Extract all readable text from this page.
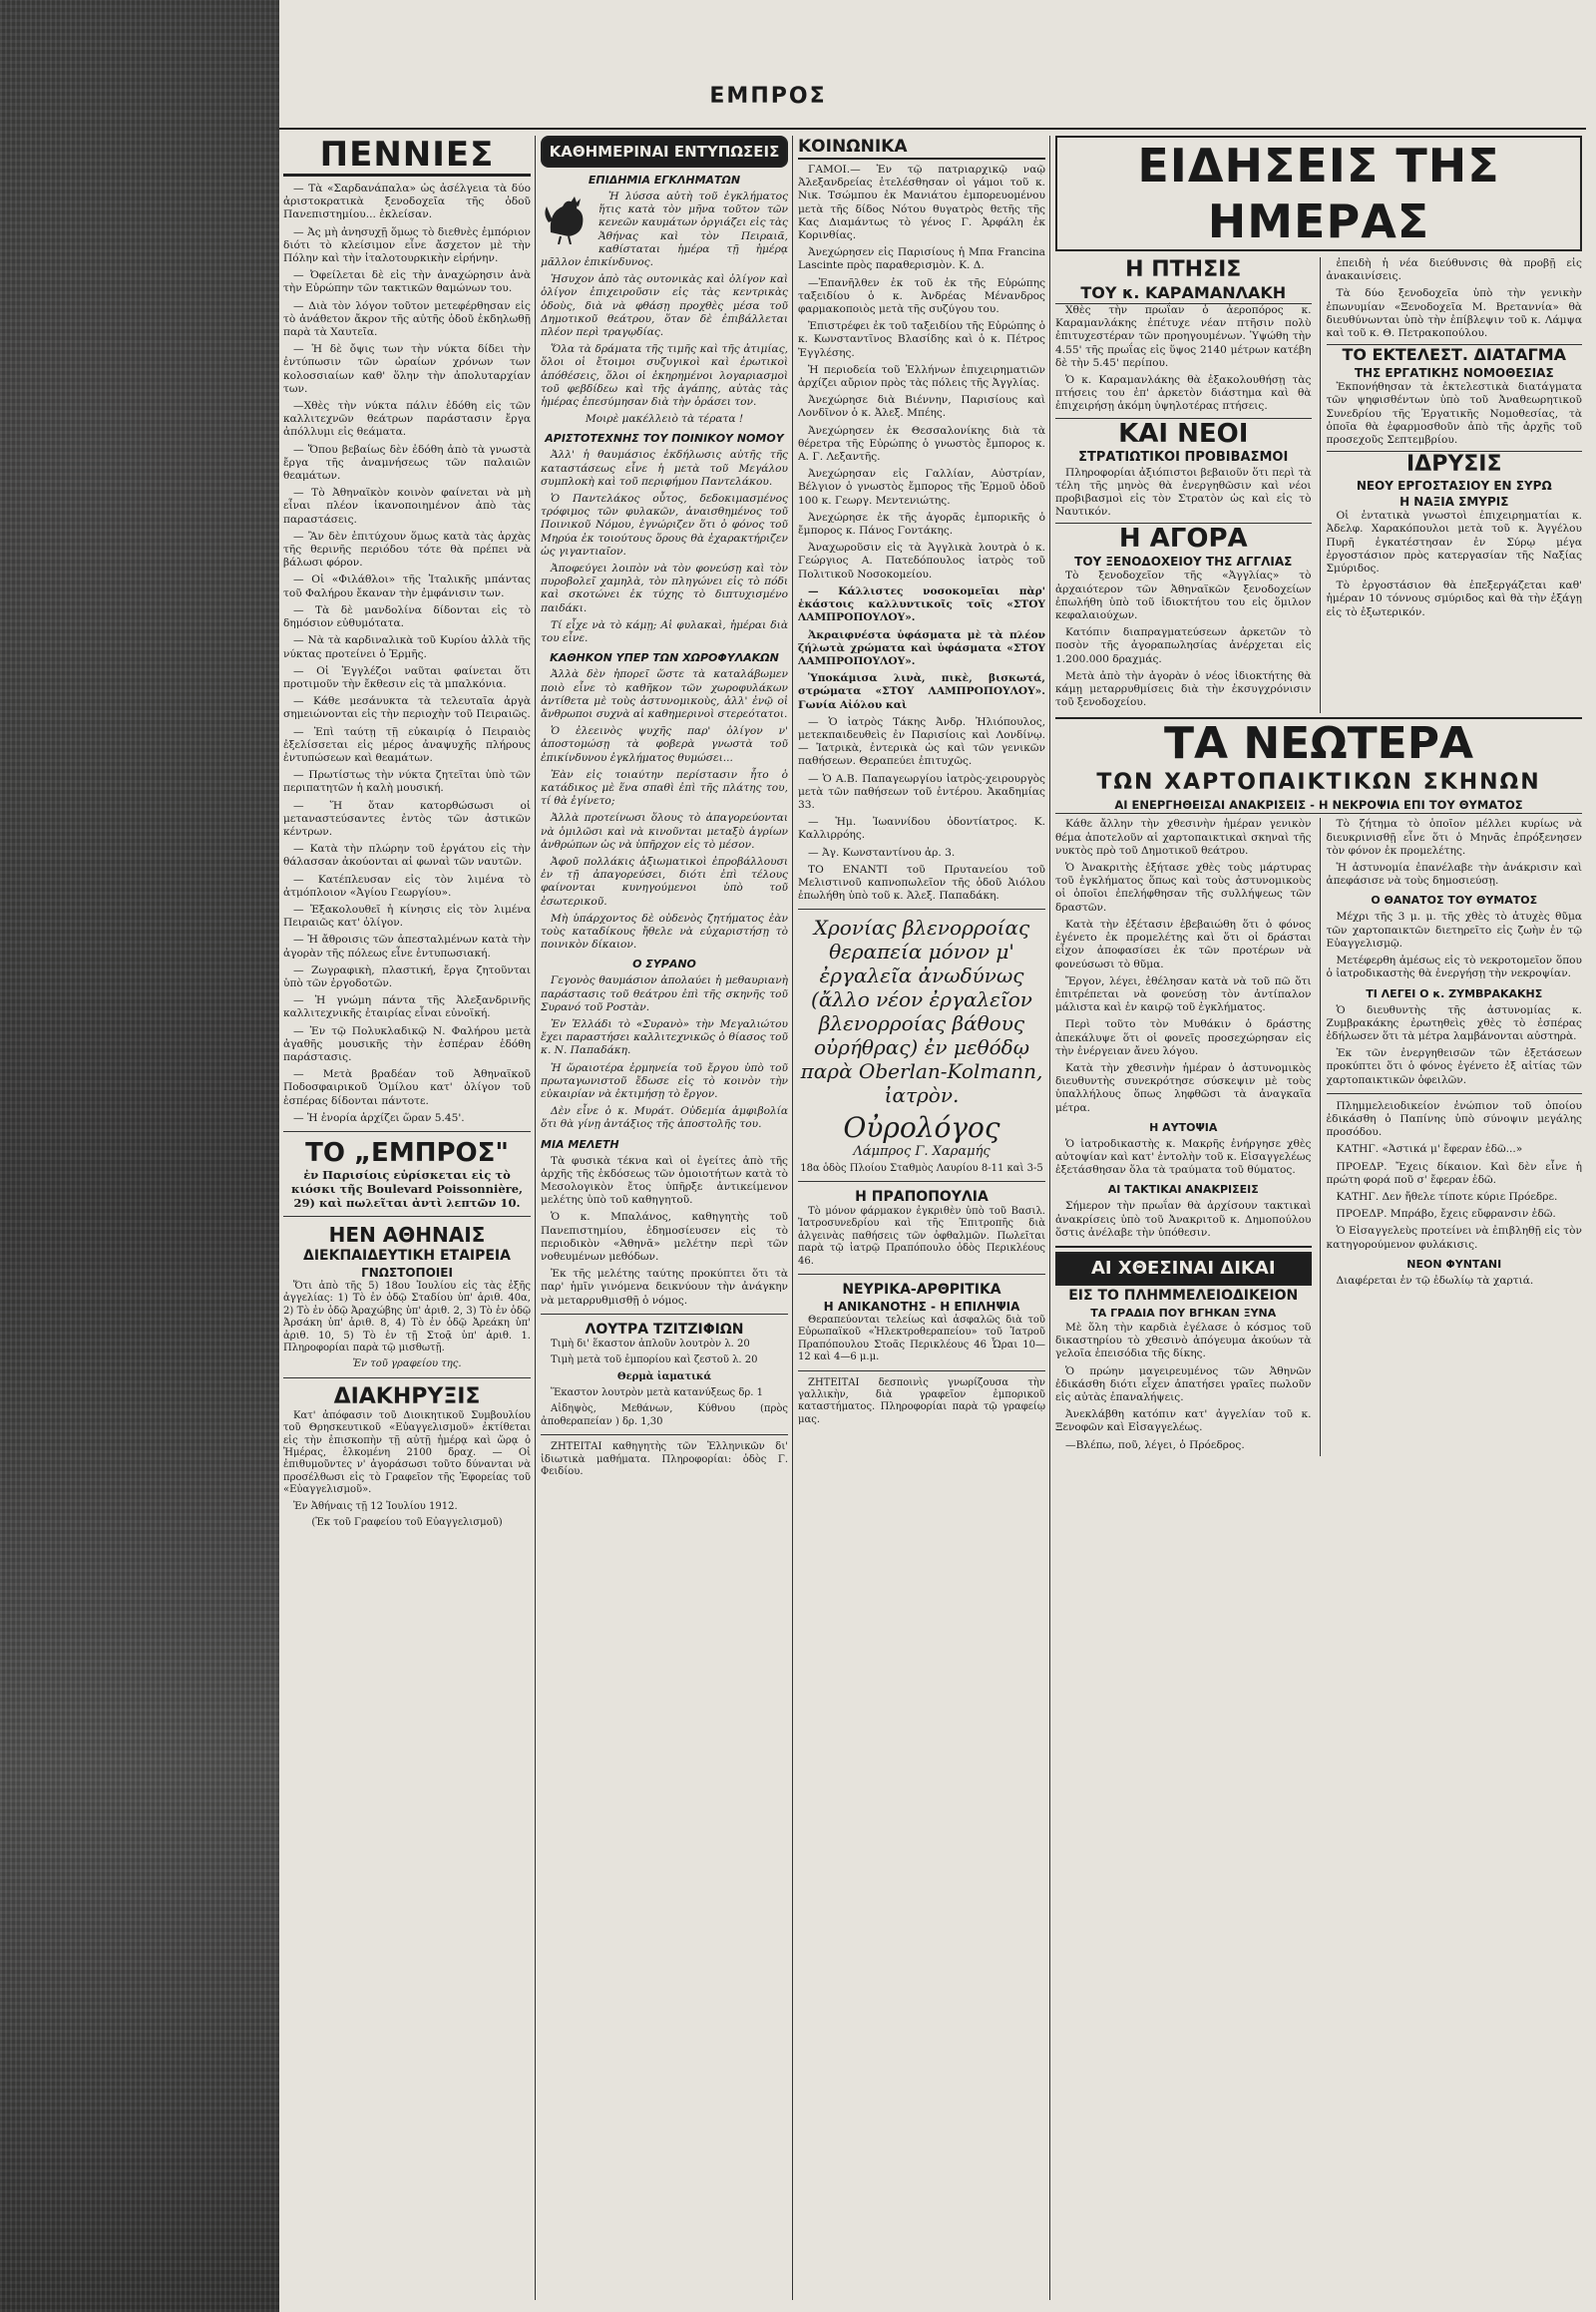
ΕΜΠΡΟΣ
ΠΕΝΝΙΕΣ

— Τὰ «Σαρδανάπαλα» ὡς ἀσέλγεια τὰ δύο ἀριστοκρατικὰ ξενοδοχεῖα τῆς ὁδοῦ Πανεπιστημίου... ἐκλείσαν.

— Ἀς μὴ ἀνησυχῇ ὅμως τὸ διεθνὲς ἐμπόριον διότι τὸ κλείσιμον εἶνε ἄσχετον μὲ τὴν Πόλην καὶ τὴν ἱταλοτουρκικὴν εἰρήνην.

— Ὀφείλεται δὲ εἰς τὴν ἀναχώρησιν ἀνὰ τὴν Εὐρώπην τῶν τακτικῶν θαμώνων του.

— Διὰ τὸν λόγον τοῦτον μετεφέρθησαν εἰς τὸ ἀνάθετον ἄκρον τῆς αὐτῆς ὁδοῦ ἐκδηλωθῇ παρὰ τὰ Χαυτεῖα.

— Ἡ δὲ ὄψις των τὴν νύκτα δίδει τὴν ἐντύπωσιν τῶν ὡραίων χρόνων των κολοσσιαίων καθ' ὅλην τὴν ἀπολυταρχίαν των.

—Χθὲς τὴν νύκτα πάλιν ἐδόθη εἰς τῶν καλλιτεχνῶν θεάτρων παράστασιν ἔργα ἀπόλλυμι εἰς θεάματα.

— Ὅπου βεβαίως δὲν ἐδόθη ἀπὸ τὰ γνωστὰ ἔργα τῆς ἀναμνήσεως τῶν παλαιῶν θεαμάτων.

— Τὸ Ἀθηναϊκὸν κοινὸν φαίνεται νὰ μὴ εἶναι πλέον ἱκανοποιημένον ἀπὸ τὰς παραστάσεις.

— Ἂν δὲν ἐπιτύχουν ὅμως κατὰ τὰς ἀρχὰς τῆς θερινῆς περιόδου τότε θὰ πρέπει νὰ βάλωσι φόρον.

— Οἱ «Φιλάθλοι» τῆς Ἰταλικῆς μπάντας τοῦ Φαλήρου ἔκαναν τὴν ἐμφάνισιν των.

— Τὰ δὲ μανδολίνα δίδονται εἰς τὸ δημόσιον εὐθυμότατα.

— Νὰ τὰ καρδιναλικὰ τοῦ Κυρίου ἀλλὰ τῆς νύκτας προτείνει ὁ Ἐρμῆς.

— Οἱ Ἐγγλέζοι ναῦται φαίνεται ὅτι προτιμοῦν τὴν ἔκθεσιν εἰς τὰ μπαλκόνια.

— Κάθε μεσάνυκτα τὰ τελευταῖα ἀργὰ σημειώνονται εἰς τὴν περιοχὴν τοῦ Πειραιῶς.

— Ἐπὶ ταύτῃ τῇ εὐκαιρίᾳ ὁ Πειραιὸς ἐξελίσσεται εἰς μέρος ἀναψυχῆς πλήρους ἐντυπώσεων καὶ θεαμάτων.

— Πρωτίστως τὴν νύκτα ζητεῖται ὑπὸ τῶν περιπατητῶν ἡ καλὴ μουσική.

— Ἥ ὅταν κατορθώσωσι οἱ μεταναστεύσαντες ἐντὸς τῶν ἀστικῶν κέντρων.

— Κατὰ τὴν πλώρην τοῦ ἐργάτου εἰς τὴν θάλασσαν ἀκούονται αἱ φωναὶ τῶν ναυτῶν.

— Κατέπλευσαν εἰς τὸν λιμένα τὸ ἀτμόπλοιον «Ἀγίου Γεωργίου».

— Ἐξακολουθεῖ ἡ κίνησις εἰς τὸν λιμένα Πειραιῶς κατ' ὀλίγον.

— Ἡ ἄθροισις τῶν ἀπεσταλμένων κατὰ τὴν ἀγορὰν τῆς πόλεως εἶνε ἐντυπωσιακή.

— Ζωγραφικὴ, πλαστική, ἔργα ζητοῦνται ὑπὸ τῶν ἐργοδοτῶν.

— Ἡ γνώμη πάντα τῆς Ἀλεξανδρινῆς καλλιτεχνικῆς ἐταιρίας εἶναι εὐνοϊκή.

— Ἐν τῷ Πολυκλαδικῷ Ν. Φαλήρου μετὰ ἀγαθῆς μουσικῆς τὴν ἑσπέραν ἐδόθη παράστασις.

— Μετὰ βραδέαν τοῦ Ἀθηναϊκοῦ Ποδοσφαιρικοῦ Ὁμίλου κατ' ὀλίγον τοῦ ἑσπέρας δίδονται πάντοτε.

— Ἡ ἐνορία ἀρχίζει ὥραν 5.45'.

ΤΟ „ΕΜΠΡΟΣ"

ἐν Παρισίοις εὑρίσκεται εἰς τὸ κιόσκι τῆς Boulevard Poissonnière, 29) καὶ πωλεῖται ἀντὶ λεπτῶν 10.

ΗΕΝ ΑΘΗΝΑΙΣ
ΔΙΕΚΠΑΙΔΕΥΤΙΚΗ ΕΤΑΙΡΕΙΑ
ΓΝΩΣΤΟΠΟΙΕΙ

Ὅτι ἀπὸ τῆς 5) 18ου Ἰουλίου εἰς τὰς ἐξῆς ἀγγελίας: 1) Τὸ ἐν ὁδῷ Σταδίου ὑπ' ἀριθ. 40α, 2) Τὸ ἐν ὁδῷ Ἀραχώβης ὑπ' ἀριθ. 2, 3) Τὸ ἐν ὁδῷ Ἀρσάκη ὑπ' ἀριθ. 8, 4) Τὸ ἐν ὁδῷ Ἀρεάκη ὑπ' ἀριθ. 10, 5) Τὸ ἐν τῇ Στοᾷ ὑπ' ἀριθ. 1. Πληροφορίαι παρὰ τῷ μισθωτῇ.

Ἐν τοῦ γραφείου της.

ΔΙΑΚΗΡΥΞΙΣ

Κατ' ἀπόφασιν τοῦ Διοικητικοῦ Συμβουλίου τοῦ Θρησκευτικοῦ «Εὐαγγελισμοῦ» ἐκτίθεται εἰς τὴν ἐπισκοπὴν τῇ αὐτῇ ἡμέρᾳ καὶ ὥρᾳ ὁ Ἠμέρας, ἑλκομένη 2100 δραχ. — Οἱ ἐπιθυμοῦντες ν' ἀγοράσωσι τοῦτο δύνανται νὰ προσέλθωσι εἰς τὸ Γραφεῖον τῆς Ἐφορείας τοῦ «Εὐαγγελισμοῦ».

Ἐν Ἀθήναις τῇ 12 Ἰουλίου 1912.

(Ἐκ τοῦ Γραφείου τοῦ Εὐαγγελισμοῦ)

ΚΑΘΗΜΕΡΙΝΑΙ ΕΝΤΥΠΩΣΕΙΣ
ΕΠΙΔΗΜΙΑ ΕΓΚΛΗΜΑΤΩΝ

Ἡ λύσσα αὐτὴ τοῦ ἐγκλήματος ἥτις κατὰ τὸν μῆνα τοῦτον τῶν κενεῶν καυμάτων ὀργιάζει εἰς τὰς Ἀθήνας καὶ τὸν Πειραιᾶ, καθίσταται ἡμέρα τῇ ἡμέρᾳ μᾶλλον ἐπικίνδυνος.

Ἡσυχον ἀπὸ τὰς ουτονικὰς καὶ ὀλίγον καὶ ὀλίγον ἐπιχειροῦσιν εἰς τὰς κεντρικὰς ὁδοὺς, διὰ νὰ φθάσῃ προχθὲς μέσα τοῦ Δημοτικοῦ θεάτρου, ὅταν δὲ ἐπιβάλλεται πλέον περὶ τραγῳδίας.

Ὅλα τὰ δράματα τῆς τιμῆς καὶ τῆς ἀτιμίας, ὅλοι οἱ ἔτοιμοι συζυγικοὶ καὶ ἐρωτικοὶ ἀπόθέσεις, ὅλοι οἱ ἐκηρημένοι λογαριασμοὶ τοῦ φεβδίδεω καὶ τῆς ἀγάπης, αὐτὰς τὰς ἡμέρας ἐπεσύμησαν διὰ τὴν ὁράσει τον.

Μοιρὲ μακέλλειὸ τὰ τέρατα !

ΑΡΙΣΤΟΤΕΧΝΗΣ ΤΟΥ ΠΟΙΝΙΚΟΥ ΝΟΜΟΥ

Ἀλλ' ἡ θαυμάσιος ἐκδήλωσις αὐτῆς τῆς καταστάσεως εἶνε ἡ μετὰ τοῦ Μεγάλου συμπλοκὴ καὶ τοῦ περιφήμου Παντελάκου.

Ὁ Παντελάκος οὗτος, δεδοκιμασμένος τρόφιμος τῶν φυλακῶν, ἀναισθημένος τοῦ Ποινικοῦ Νόμου, ἐγνώριζεν ὅτι ὁ φόνος τοῦ Μηρύα ἐκ τοιούτους ὅρους θὰ ἐχαρακτήριζεν ὡς γιγαντιαῖον.

Ἀποφεύγει λοιπὸν νὰ τὸν φονεύσῃ καὶ τὸν πυροβολεῖ χαμηλὰ, τὸν πληγώνει εἰς τὸ πόδι καὶ σκοτώνει ἐκ τύχης τὸ διπτυχισμένο παιδάκι.

Τί εἶχε νὰ τὸ κάμῃ; Αἱ φυλακαὶ, ἡμέραι διὰ του εἶνε.

ΚΑΘΗΚΟΝ ΥΠΕΡ ΤΩΝ ΧΩΡΟΦΥΛΑΚΩΝ

Ἀλλὰ δὲν ἠπορεῖ ὥστε τὰ καταλάβωμεν ποιὸ εἶνε τὸ καθῆκον τῶν χωροφυλάκων ἀντίθετα μὲ τοὺς ἀστυνομικοὺς, ἀλλ' ἐνῷ οἱ ἄνθρωποι συχνὰ αἱ καθημερινοὶ στερεότατοι.

Ὁ ἐλεεινὸς ψυχῆς παρ' ὀλίγον ν' ἀποστομώσῃ τὰ φοβερὰ γνωστὰ τοῦ ἐπικίνδυνου ἐγκλήματος θυμώσει...

Ἐὰν εἰς τοιαύτην περίστασιν ἦτο ὁ κατάδικος μὲ ἕνα σπαθὶ ἐπὶ τῆς πλάτης του, τί θὰ ἐγίνετο;

Ἀλλὰ προτείνωσι ὅλους τὸ ἀπαγορεύονται νὰ ὁμιλῶσι καὶ νὰ κινοῦνται μεταξὺ ἀγρίων ἀνθρώπων ὡς νὰ ὑπῆρχον εἰς τὸ μέσον.

Ἀφοῦ πολλάκις ἀξιωματικοὶ ἐπροβάλλουσι ἐν τῇ ἀπαγορεύσει, διότι ἐπὶ τέλους φαίνονται κυνηγούμενοι ὑπὸ τοῦ ἐσωτερικοῦ.

Μὴ ὑπάρχοντος δὲ οὐδενὸς ζητήματος ἐὰν τοὺς καταδίκους ἤθελε νὰ εὐχαριστήσῃ τὸ ποινικὸν δίκαιον.

Ο ΣΥΡΑΝΟ

Γεγονὸς θαυμάσιον ἀπολαύει ἡ μεθαυριανὴ παράστασις τοῦ θεάτρου ἐπὶ τῆς σκηνῆς τοῦ Συρανό τοῦ Ροστὰν.

Ἐν Ἑλλάδι τὸ «Συρανὸ» τὴν Μεγαλιώτου ἔχει παραστήσει καλλιτεχνικῶς ὁ θίασος τοῦ κ. Ν. Παπαδάκη.

Ἡ ὥραιοτέρα ἐρμηνεία τοῦ ἔργου ὑπὸ τοῦ πρωταγωνιστοῦ ἔδωσε εἰς τὸ κοινὸν τὴν εὐκαιρίαν νὰ ἐκτιμήσῃ τὸ ἔργον.

Δὲν εἶνε ὁ κ. Μυράτ. Οὐδεμία ἀμφιβολία ὅτι θὰ γίνῃ ἀντάξιος τῆς ἀποστολῆς του.

ΜΙΑ ΜΕΛΕΤΗ

Τὰ φυσικὰ τέκνα καὶ οἱ ἐγείτες ἀπὸ τῆς ἀρχῆς τῆς ἐκδόσεως τῶν ὁμοιοτήτων κατὰ τὸ Μεσολογικὸν ἔτος ὑπῆρξε ἀντικείμενον μελέτης ὑπὸ τοῦ καθηγητοῦ.

Ὁ κ. Μπαλάνος, καθηγητὴς τοῦ Πανεπιστημίου, ἐδημοσίευσεν εἰς τὸ περιοδικὸν «Ἀθηνᾶ» μελέτην περὶ τῶν νοθευμένων μεθόδων.

Ἐκ τῆς μελέτης ταύτης προκύπτει ὅτι τὰ παρ' ἡμῖν γινόμενα δεικνύουν τὴν ἀνάγκην νὰ μεταρρυθμισθῇ ὁ νόμος.

ΛΟΥΤΡΑ ΤΖΙΤΖΙΦΙΩΝ

Τιμὴ δι' ἕκαστον ἁπλοῦν λουτρὸν λ. 20

Τιμὴ μετὰ τοῦ ἐμπορίου καὶ ζεστοῦ λ. 20

Θερμὰ ἰαματικά

Ἕκαστον λουτρὸν μετὰ κατανύξεως δρ. 1

Αἰδηψὸς, Μεθάνων, Κύθνου (πρὸς ἀποθεραπείαν ) δρ. 1,30

ΖΗΤΕΙΤΑΙ καθηγητὴς τῶν Ἑλληνικῶν δι' ἰδιωτικὰ μαθήματα. Πληροφορίαι: ὁδὸς Γ. Φειδίου.

ΚΟΙΝΩΝΙΚΑ

ΓΑΜΟΙ.— Ἐν τῷ πατριαρχικῷ ναῷ Ἀλεξανδρείας ἐτελέσθησαν οἱ γάμοι τοῦ κ. Νικ. Τσώμπου ἐκ Μανιάτου ἐμπορευομένου μετὰ τῆς δίδος Νότου θυγατρὸς θετῆς τῆς Κας Διαμάντως τὸ γένος Γ. Ἀρφάλη ἐκ Κορινθίας.

Ἀνεχώρησεν εἰς Παρισίους ἡ Μπα Francina Lascinte πρὸς παραθερισμὸν. Κ. Δ.

—Ἐπανῆλθεν ἐκ τοῦ ἐκ τῆς Εὐρώπης ταξειδίου ὁ κ. Ἀνδρέας Μένανδρος φαρμακοποιὸς μετὰ τῆς συζύγου του.

Ἐπιστρέφει ἐκ τοῦ ταξειδίου τῆς Εὐρώπης ὁ κ. Κωνσταντῖνος Βλασίδης καὶ ὁ κ. Πέτρος Ἐγγλέσης.

Ἡ περιοδεία τοῦ Ἐλλήνων ἐπιχειρηματιῶν ἀρχίζει αὔριον πρὸς τὰς πόλεις τῆς Ἀγγλίας.

Ἀνεχώρησε διὰ Βιέννην, Παρισίους καὶ Λονδῖνον ὁ κ. Ἀλεξ. Μπέης.

Ἀνεχώρησεν ἐκ Θεσσαλονίκης διὰ τὰ θέρετρα τῆς Εὐρώπης ὁ γνωστὸς ἔμπορος κ. Α. Γ. Λεξαντῆς.

Ἀνεχώρησαν εἰς Γαλλίαν, Αὐστρίαν, Βέλγιον ὁ γνωστὸς ἔμπορος τῆς Ἑρμοῦ ὁδοῦ 100 κ. Γεωργ. Μεντενιώτης.

Ἀνεχώρησε ἐκ τῆς ἀγορᾶς ἐμπορικῆς ὁ ἔμπορος κ. Πάνος Γοντάκης.

Ἀναχωροῦσιν εἰς τὰ Ἀγγλικὰ λουτρὰ ὁ κ. Γεώργιος Α. Πατεδόπουλος ἰατρὸς τοῦ Πολιτικοῦ Νοσοκομείου.

— Κάλλιστες νοσοκομεῖαι πὰρ' ἑκάστοις καλλυντικοῖς τοῖς «ΣΤΟΥ ΛΑΜΠΡΟΠΟΥΛΟΥ».

Ἀκραιφνέστα ὑφάσματα μὲ τὰ πλέον ζήλωτὰ χρώματα καὶ ὑφάσματα «ΣΤΟΥ ΛΑΜΠΡΟΠΟΥΛΟΥ».

Ὑποκάμισα λινὰ, πικὲ, βισκωτά, στρώματα «ΣΤΟΥ ΛΑΜΠΡΟΠΟΥΛΟΥ». Γωνία Αἰόλου καὶ

— Ὁ ἰατρὸς Τάκης Ἀνδρ. Ἠλιόπουλος, μετεκπαιδευθεὶς ἐν Παρισίοις καὶ Λονδίνῳ. — Ἰατρικὰ, ἐντερικὰ ὡς καὶ τῶν γενικῶν παθήσεων. Θεραπεύει ἐπιτυχῶς.

— Ὁ Α.Β. Παπαγεωργίου ἰατρὸς-χειρουργὸς μετὰ τῶν παθήσεων τοῦ ἐντέρου. Ἀκαδημίας 33.

— Ἡμ. Ἰωαννίδου ὀδοντίατρος. Κ. Καλλιρρόης.

— Ἀγ. Κωνσταντίνου ἀρ. 3.

ΤΟ ΕΝΑΝΤΙ τοῦ Πρυτανείου τοῦ Μελιστινοῦ καπνοπωλεῖον τῆς ὁδοῦ Ἀιόλου ἐπωλήθη ὑπὸ τοῦ κ. Ἀλεξ. Παπαδάκη.

Χρονίας βλενορροίας θεραπεία μόνον μ' ἐργαλεῖα ἀνωδύνως (ἄλλο νέον ἐργαλεῖον βλενορροίας βάθους οὐρήθρας) ἐν μεθόδῳ παρὰ Oberlan-Kolmann, ἰατρὸν.

Οὐρολόγος

Λάμπρος Γ. Χαραμής

18α ὁδὸς Πλοίου Σταθμὸς Λαυρίου 8-11 καὶ 3-5

Η ΠΡΑΠΟΠΟΥΛΙΑ

Τὸ μόνον φάρμακον ἐγκριθὲν ὑπὸ τοῦ Βασιλ. Ἰατροσυνεδρίου καὶ τῆς Ἐπιτροπῆς διὰ ἀλγεινὰς παθήσεις τῶν ὀφθαλμῶν. Πωλεῖται παρὰ τῷ ἰατρῷ Πραπόπουλο ὁδὸς Περικλέους 46.

ΝΕΥΡΙΚΑ-ΑΡΘΡΙΤΙΚΑ
Η ΑΝΙΚΑΝΟΤΗΣ - Η ΕΠΙΛΗΨΙΑ

Θεραπεύονται τελείως καὶ ἀσφαλῶς διὰ τοῦ Εὐρωπαϊκοῦ «Ἠλεκτροθεραπείου» τοῦ Ἰατροῦ Πραπόπουλου Στοᾶς Περικλέους 46 Ὧραι 10—12 καὶ 4—6 μ.μ.

ΖΗΤΕΙΤΑΙ δεσποινὶς γνωρίζουσα τὴν γαλλικὴν, διὰ γραφεῖον ἐμπορικοῦ καταστήματος. Πληροφορίαι παρὰ τῷ γραφείῳ μας.

ΕΙΔΗΣΕΙΣ ΤΗΣ ΗΜΕΡΑΣ
Η ΠΤΗΣΙΣ
ΤΟΥ κ. ΚΑΡΑΜΑΝΛΑΚΗ

Χθὲς τὴν πρωΐαν ὁ ἀεροπόρος κ. Καραμανλάκης ἐπέτυχε νέαν πτῆσιν πολὺ ἐπιτυχεστέραν τῶν προηγουμένων. Ὑψώθη τὴν 4.55' τῆς πρωΐας εἰς ὕψος 2140 μέτρων κατέβη δὲ τὴν 5.45' περίπου.

Ὁ κ. Καραμανλάκης θὰ ἐξακολουθήσῃ τὰς πτήσεις του ἐπ' ἀρκετὸν διάστημα καὶ θὰ ἐπιχειρήσῃ ἀκόμη ὑψηλοτέρας πτήσεις.

ΚΑΙ ΝΕΟΙ
ΣΤΡΑΤΙΩΤΙΚΟΙ ΠΡΟΒΙΒΑΣΜΟΙ

Πληροφορίαι ἀξιόπιστοι βεβαιοῦν ὅτι περὶ τὰ τέλη τῆς μηνὸς θὰ ἐνεργηθῶσιν καὶ νέοι προβιβασμοὶ εἰς τὸν Στρατὸν ὡς καὶ εἰς τὸ Ναυτικόν.

Η ΑΓΟΡΑ
ΤΟΥ ΞΕΝΟΔΟΧΕΙΟΥ ΤΗΣ ΑΓΓΛΙΑΣ

Τὸ ξενοδοχεῖον τῆς «Ἀγγλίας» τὸ ἀρχαιότερον τῶν Ἀθηναϊκῶν ξενοδοχείων ἐπωλήθη ὑπὸ τοῦ ἰδιοκτήτου του εἰς ὅμιλον κεφαλαιούχων.

Κατόπιν διαπραγματεύσεων ἀρκετῶν τὸ ποσὸν τῆς ἀγοραπωλησίας ἀνέρχεται εἰς 1.200.000 δραχμάς.

Μετὰ ἀπὸ τὴν ἀγορὰν ὁ νέος ἰδιοκτήτης θὰ κάμῃ μεταρρυθμίσεις διὰ τὴν ἐκσυγχρόνισιν τοῦ ξενοδοχείου.

ἐπειδὴ ἡ νέα διεύθυνσις θὰ προβῇ εἰς ἀνακαινίσεις.

Τὰ δύο ξενοδοχεῖα ὑπὸ τὴν γενικὴν ἐπωνυμίαν «Ξενοδοχεῖα Μ. Βρεταννία» θὰ διευθύνωνται ὑπὸ τὴν ἐπίβλεψιν τοῦ κ. Λάμψα καὶ τοῦ κ. Θ. Πετρακοπούλου.

ΤΟ ΕΚΤΕΛΕΣΤ. ΔΙΑΤΑΓΜΑ
ΤΗΣ ΕΡΓΑΤΙΚΗΣ ΝΟΜΟΘΕΣΙΑΣ

Ἐκπονήθησαν τὰ ἐκτελεστικὰ διατάγματα τῶν ψηφισθέντων ὑπὸ τοῦ Ἀναθεωρητικοῦ Συνεδρίου τῆς Ἐργατικῆς Νομοθεσίας, τὰ ὁποῖα θὰ ἐφαρμοσθοῦν ἀπὸ τῆς ἀρχῆς τοῦ προσεχοῦς Σεπτεμβρίου.

ΙΔΡΥΣΙΣ
ΝΕΟΥ ΕΡΓΟΣΤΑΣΙΟΥ ΕΝ ΣΥΡΩ
Η ΝΑΞΙΑ ΣΜΥΡΙΣ

Οἱ ἐντατικὰ γνωστοὶ ἐπιχειρηματίαι κ. Ἀδελφ. Χαρακόπουλοι μετὰ τοῦ κ. Ἀγγέλου Πυρῆ ἐγκατέστησαν ἐν Σύρῳ μέγα ἐργοστάσιον πρὸς κατεργασίαν τῆς Ναξίας Σμύριδος.

Τὸ ἐργοστάσιον θὰ ἐπεξεργάζεται καθ' ἡμέραν 10 τόννους σμύριδος καὶ θὰ τὴν ἐξάγῃ εἰς τὸ ἐξωτερικόν.

ΤΑ ΝΕΩΤΕΡΑ
ΤΩΝ ΧΑΡΤΟΠΑΙΚΤΙΚΩΝ ΣΚΗΝΩΝ
ΑΙ ΕΝΕΡΓΗΘΕΙΣΑΙ ΑΝΑΚΡΙΣΕΙΣ - Η ΝΕΚΡΟΨΙΑ ΕΠΙ ΤΟΥ ΘΥΜΑΤΟΣ

Κάθε ἄλλην τὴν χθεσινὴν ἡμέραν γενικὸν θέμα ἀποτελοῦν αἱ χαρτοπαικτικαὶ σκηναὶ τῆς νυκτὸς πρὸ τοῦ Δημοτικοῦ θεάτρου.

Ὁ Ἀνακριτὴς ἐξήτασε χθὲς τοὺς μάρτυρας τοῦ ἐγκλήματος ὅπως καὶ τοὺς ἀστυνομικοὺς οἱ ὁποῖοι ἐπελήφθησαν τῆς συλλήψεως τῶν δραστῶν.

Κατὰ τὴν ἐξέτασιν ἐβεβαιώθη ὅτι ὁ φόνος ἐγένετο ἐκ προμελέτης καὶ ὅτι οἱ δράσται εἶχον ἀποφασίσει ἐκ τῶν προτέρων νὰ φονεύσωσι τὸ θῦμα.

Ἔργον, λέγει, ἐθέλησαν κατὰ νὰ τοῦ πῶ ὅτι ἐπιτρέπεται νὰ φονεύσῃ τὸν ἀντίπαλον μάλιστα καὶ ἐν καιρῷ τοῦ ἐγκλήματος.

Περὶ τοῦτο τὸν Μυθάκιν ὁ δράστης ἀπεκάλυψε ὅτι οἱ φονεῖς προσεχώρησαν εἰς τὴν ἐνέργειαν ἄνευ λόγου.

Κατὰ τὴν χθεσινὴν ἡμέραν ὁ ἀστυνομικὸς διευθυντὴς συνεκρότησε σύσκεψιν μὲ τοὺς ὑπαλλήλους ὅπως ληφθῶσι τὰ ἀναγκαῖα μέτρα.

Η ΑΥΤΟΨΙΑ

Ὁ ἰατροδικαστὴς κ. Μακρῆς ἐνήργησε χθὲς αὐτοψίαν καὶ κατ' ἐντολὴν τοῦ κ. Εἰσαγγελέως ἐξετάσθησαν ὅλα τὰ τραύματα τοῦ θύματος.

ΑΙ ΤΑΚΤΙΚΑΙ ΑΝΑΚΡΙΣΕΙΣ

Σήμερον τὴν πρωΐαν θὰ ἀρχίσουν τακτικαὶ ἀνακρίσεις ὑπὸ τοῦ Ἀνακριτοῦ κ. Δημοπούλου ὅστις ἀνέλαβε τὴν ὑπόθεσιν.

ΑΙ ΧΘΕΣΙΝΑΙ ΔΙΚΑΙ
ΕΙΣ ΤΟ ΠΛΗΜΜΕΛΕΙΟΔΙΚΕΙΟΝ
ΤΑ ΓΡΑΔΙΑ ΠΟΥ ΒΓΗΚΑΝ ΞΥΝΑ

Μὲ ὅλη τὴν καρδιὰ ἐγέλασε ὁ κόσμος τοῦ δικαστηρίου τὸ χθεσινὸ ἀπόγευμα ἀκούων τὰ γελοῖα ἐπεισόδια τῆς δίκης.

Ὁ πρώην μαγειρευμένος τῶν Ἀθηνῶν ἐδικάσθη διότι εἶχεν ἀπατήσει γραῖες πωλοῦν εἰς αὐτὰς ἐπαναλήψεις.

Ἀνεκλάβθη κατόπιν κατ' ἀγγελίαν τοῦ κ. Ξενοφῶν καὶ Εἰσαγγελέως.

—Βλέπω, ποῦ, λέγει, ὁ Πρόεδρος.

Τὸ ζήτημα τὸ ὁποῖον μέλλει κυρίως νὰ διευκρινισθῇ εἶνε ὅτι ὁ Μηνᾶς ἐπρόξενησεν τὸν φόνον ἐκ προμελέτης.

Ἡ ἀστυνομία ἐπανέλαβε τὴν ἀνάκρισιν καὶ ἀπεφάσισε νὰ τοὺς δημοσιεύσῃ.

Ο ΘΑΝΑΤΟΣ ΤΟΥ ΘΥΜΑΤΟΣ

Μέχρι τῆς 3 μ. μ. τῆς χθὲς τὸ ἀτυχὲς θῦμα τῶν χαρτοπαικτῶν διετηρεῖτο εἰς ζωὴν ἐν τῷ Εὐαγγελισμῷ.

Μετέφερθη ἀμέσως εἰς τὸ νεκροτομεῖον ὅπου ὁ ἰατροδικαστὴς θὰ ἐνεργήσῃ τὴν νεκροψίαν.

ΤΙ ΛΕΓΕΙ Ο κ. ΖΥΜΒΡΑΚΑΚΗΣ

Ὁ διευθυντὴς τῆς ἀστυνομίας κ. Ζυμβρακάκης ἐρωτηθεὶς χθὲς τὸ ἐσπέρας ἐδήλωσεν ὅτι τὰ μέτρα λαμβάνονται αὐστηρὰ.

Ἐκ τῶν ἐνεργηθεισῶν τῶν ἐξετάσεων προκύπτει ὅτι ὁ φόνος ἐγένετο ἐξ αἰτίας τῶν χαρτοπαικτικῶν ὀφειλῶν.

Πλημμελειοδικείον ἐνώπιον τοῦ ὁποίου ἐδικάσθη ὁ Παπίνης ὑπὸ σύνοψιν μεγάλης προσόδου.

ΚΑΤΗΓ. «Ἀστικά μ' ἔφεραν ἐδῶ...»

ΠΡΟΕΔΡ. Ἔχεις δίκαιον. Καὶ δὲν εἶνε ἡ πρώτη φορά ποῦ σ' ἔφεραν ἐδῶ.

ΚΑΤΗΓ. Δεν ἤθελε τίποτε κύριε Πρόεδρε.

ΠΡΟΕΔΡ. Μπράβο, ἔχεις εὔφρανσιν ἐδῶ.

Ὁ Εἰσαγγελεὺς προτείνει νὰ ἐπιβληθῇ εἰς τὸν κατηγορούμενον φυλάκισις.

ΝΕΟΝ ΦΥΝΤΑΝΙ

Διαφέρεται ἐν τῷ ἐδωλίῳ τὰ χαρτιά.
